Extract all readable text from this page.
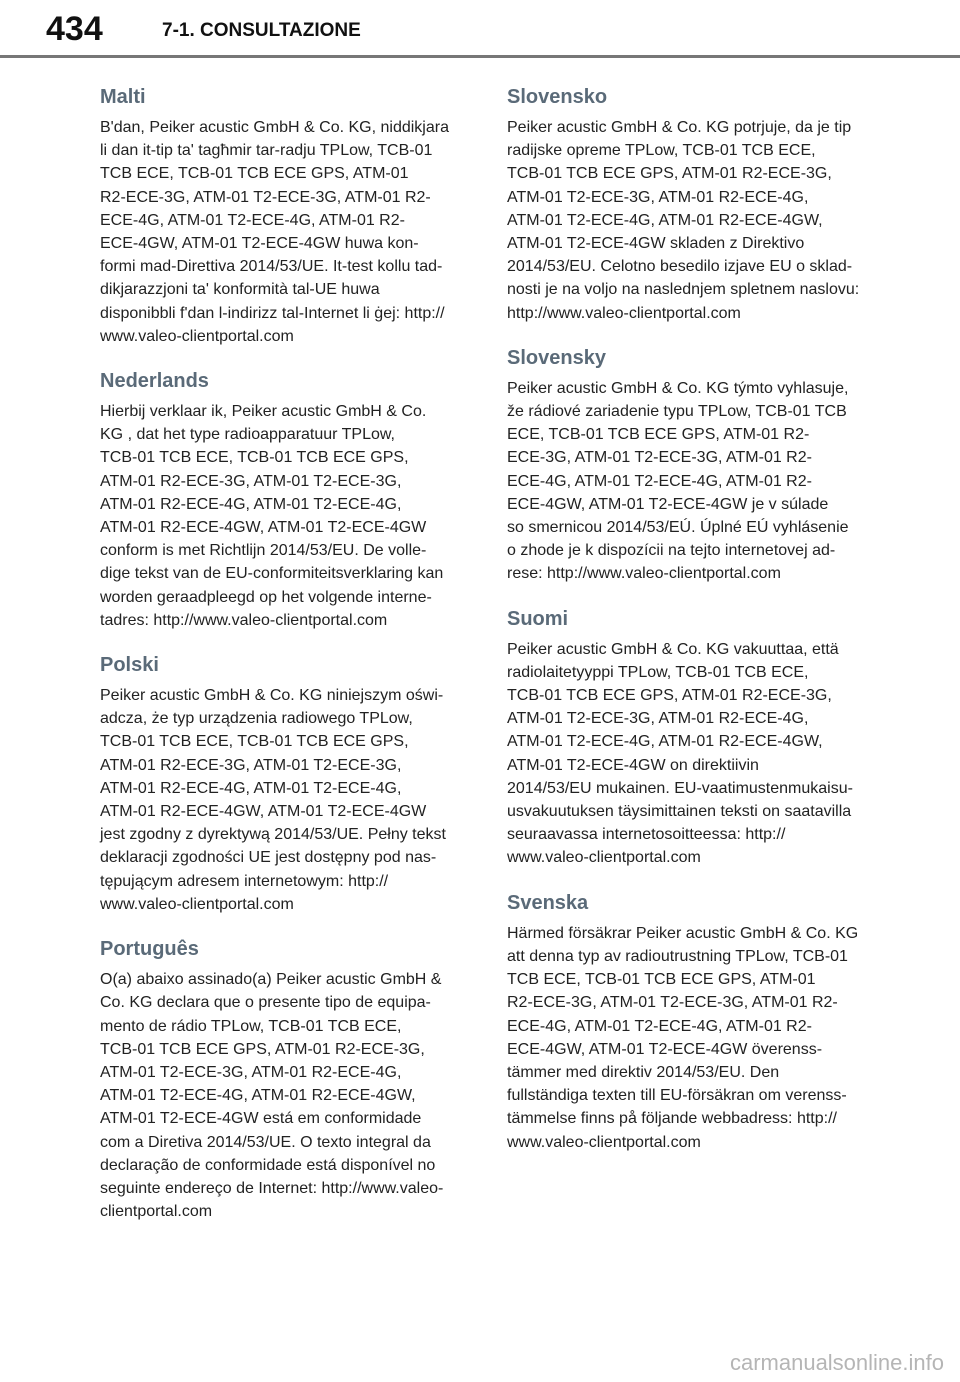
434	7-1. CONSULTAZIONE
Malti

B'dan, Peiker acustic GmbH & Co. KG, niddikjara
li dan it-tip ta' tagħmir tar-radju TPLow, TCB-01
TCB ECE, TCB-01 TCB ECE GPS, ATM-01
R2-ECE-3G, ATM-01 T2-ECE-3G, ATM-01 R2-
ECE-4G, ATM-01 T2-ECE-4G, ATM-01 R2-
ECE-4GW, ATM-01 T2-ECE-4GW huwa kon-
formi mad-Direttiva 2014/53/UE. It-test kollu tad-
dikjarazzjoni ta' konformità tal-UE huwa
disponibbli f'dan l-indirizz tal-Internet li ġej: http://
www.valeo-clientportal.com

Nederlands

Hierbij verklaar ik, Peiker acustic GmbH & Co.
KG , dat het type radioapparatuur TPLow,
TCB-01 TCB ECE, TCB-01 TCB ECE GPS,
ATM-01 R2-ECE-3G, ATM-01 T2-ECE-3G,
ATM-01 R2-ECE-4G, ATM-01 T2-ECE-4G,
ATM-01 R2-ECE-4GW, ATM-01 T2-ECE-4GW
conform is met Richtlijn 2014/53/EU. De volle-
dige tekst van de EU-conformiteitsverklaring kan
worden geraadpleegd op het volgende interne-
tadres: http://www.valeo-clientportal.com

Polski

Peiker acustic GmbH & Co. KG niniejszym oświ-
adcza, że typ urządzenia radiowego TPLow,
TCB-01 TCB ECE, TCB-01 TCB ECE GPS,
ATM-01 R2-ECE-3G, ATM-01 T2-ECE-3G,
ATM-01 R2-ECE-4G, ATM-01 T2-ECE-4G,
ATM-01 R2-ECE-4GW, ATM-01 T2-ECE-4GW
jest zgodny z dyrektywą 2014/53/UE. Pełny tekst
deklaracji zgodności UE jest dostępny pod nas-
tępującym adresem internetowym: http://
www.valeo-clientportal.com

Português

O(a) abaixo assinado(a) Peiker acustic GmbH &
Co. KG declara que o presente tipo de equipa-
mento de rádio TPLow, TCB-01 TCB ECE,
TCB-01 TCB ECE GPS, ATM-01 R2-ECE-3G,
ATM-01 T2-ECE-3G, ATM-01 R2-ECE-4G,
ATM-01 T2-ECE-4G, ATM-01 R2-ECE-4GW,
ATM-01 T2-ECE-4GW está em conformidade
com a Diretiva 2014/53/UE. O texto integral da
declaração de conformidade está disponível no
seguinte endereço de Internet: http://www.valeo-
clientportal.com

Slovensko

Peiker acustic GmbH & Co. KG potrjuje, da je tip
radijske opreme TPLow, TCB-01 TCB ECE,
TCB-01 TCB ECE GPS, ATM-01 R2-ECE-3G,
ATM-01 T2-ECE-3G, ATM-01 R2-ECE-4G,
ATM-01 T2-ECE-4G, ATM-01 R2-ECE-4GW,
ATM-01 T2-ECE-4GW skladen z Direktivo
2014/53/EU. Celotno besedilo izjave EU o sklad-
nosti je na voljo na naslednjem spletnem naslovu:
http://www.valeo-clientportal.com

Slovensky

Peiker acustic GmbH & Co. KG týmto vyhlasuje,
že rádiové zariadenie typu TPLow, TCB-01 TCB
ECE, TCB-01 TCB ECE GPS, ATM-01 R2-
ECE-3G, ATM-01 T2-ECE-3G, ATM-01 R2-
ECE-4G, ATM-01 T2-ECE-4G, ATM-01 R2-
ECE-4GW, ATM-01 T2-ECE-4GW je v súlade
so smernicou 2014/53/EÚ. Úplné EÚ vyhlásenie
o zhode je k dispozícii na tejto internetovej ad-
rese: http://www.valeo-clientportal.com

Suomi

Peiker acustic GmbH & Co. KG vakuuttaa, että
radiolaitetyyppi TPLow, TCB-01 TCB ECE,
TCB-01 TCB ECE GPS, ATM-01 R2-ECE-3G,
ATM-01 T2-ECE-3G, ATM-01 R2-ECE-4G,
ATM-01 T2-ECE-4G, ATM-01 R2-ECE-4GW,
ATM-01 T2-ECE-4GW on direktiivin
2014/53/EU mukainen. EU-vaatimustenmukaisu-
usvakuutuksen täysimittainen teksti on saatavilla
seuraavassa internetosoitteessa: http://
www.valeo-clientportal.com

Svenska

Härmed försäkrar Peiker acustic GmbH & Co. KG
att denna typ av radioutrustning TPLow, TCB-01
TCB ECE, TCB-01 TCB ECE GPS, ATM-01
R2-ECE-3G, ATM-01 T2-ECE-3G, ATM-01 R2-
ECE-4G, ATM-01 T2-ECE-4G, ATM-01 R2-
ECE-4GW, ATM-01 T2-ECE-4GW överenss-
tämmer med direktiv 2014/53/EU. Den
fullständiga texten till EU-försäkran om verenss-
tämmelse finns på följande webbadress: http://
www.valeo-clientportal.com

carmanualsonline.info
